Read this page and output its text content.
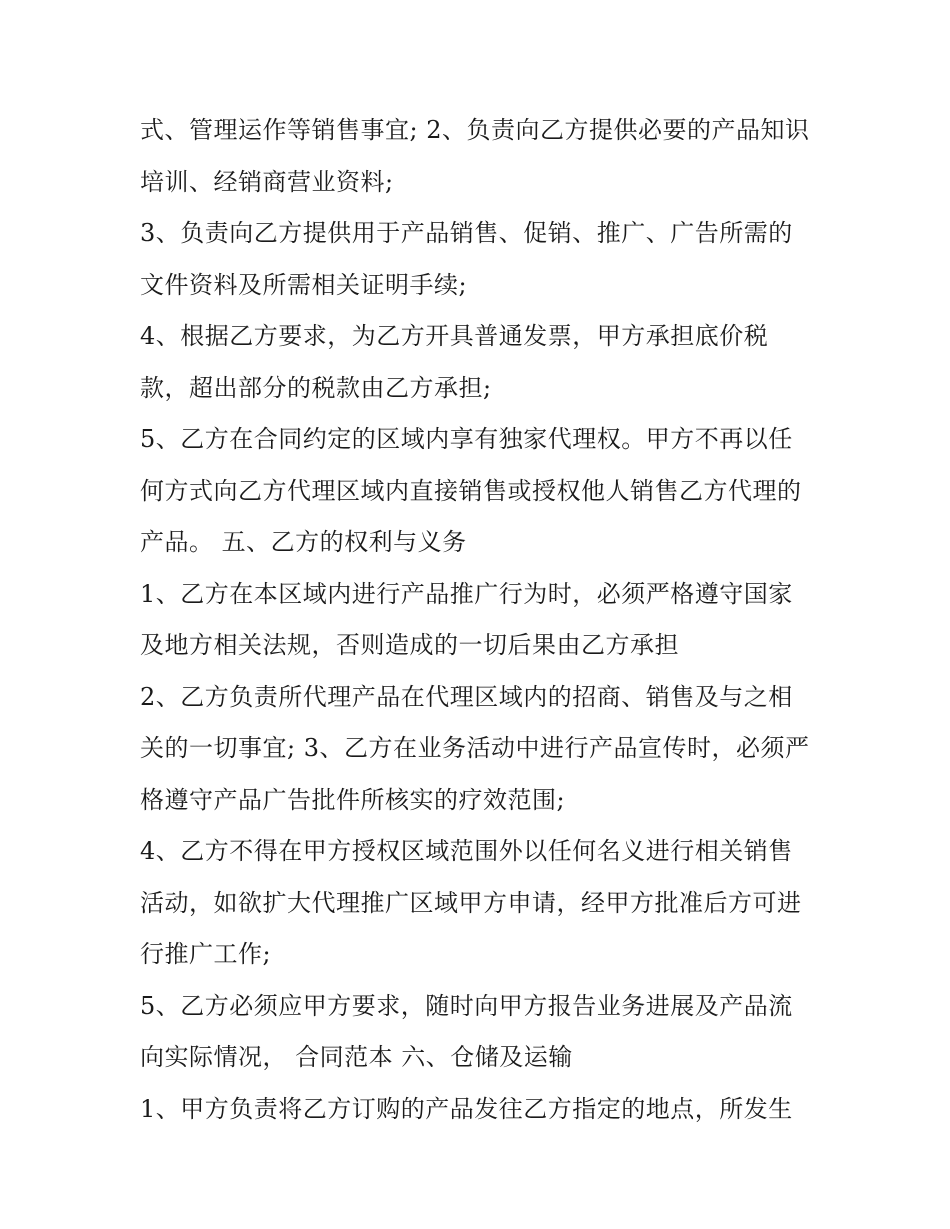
式、管理运作等销售事宜; 2、负责向乙方提供必要的产品知识
培训、经销商营业资料;
3、负责向乙方提供用于产品销售、促销、推广、广告所需的
文件资料及所需相关证明手续;
4、根据乙方要求，为乙方开具普通发票，甲方承担底价税
款，超出部分的税款由乙方承担;
5、乙方在合同约定的区域内享有独家代理权。甲方不再以任
何方式向乙方代理区域内直接销售或授权他人销售乙方代理的
产品。 五、乙方的权利与义务
1、乙方在本区域内进行产品推广行为时，必须严格遵守国家
及地方相关法规，否则造成的一切后果由乙方承担
2、乙方负责所代理产品在代理区域内的招商、销售及与之相
关的一切事宜; 3、乙方在业务活动中进行产品宣传时，必须严
格遵守产品广告批件所核实的疗效范围;
4、乙方不得在甲方授权区域范围外以任何名义进行相关销售
活动，如欲扩大代理推广区域甲方申请，经甲方批准后方可进
行推广工作;
5、乙方必须应甲方要求，随时向甲方报告业务进展及产品流
向实际情况， 合同范本 六、仓储及运输
1、甲方负责将乙方订购的产品发往乙方指定的地点，所发生
